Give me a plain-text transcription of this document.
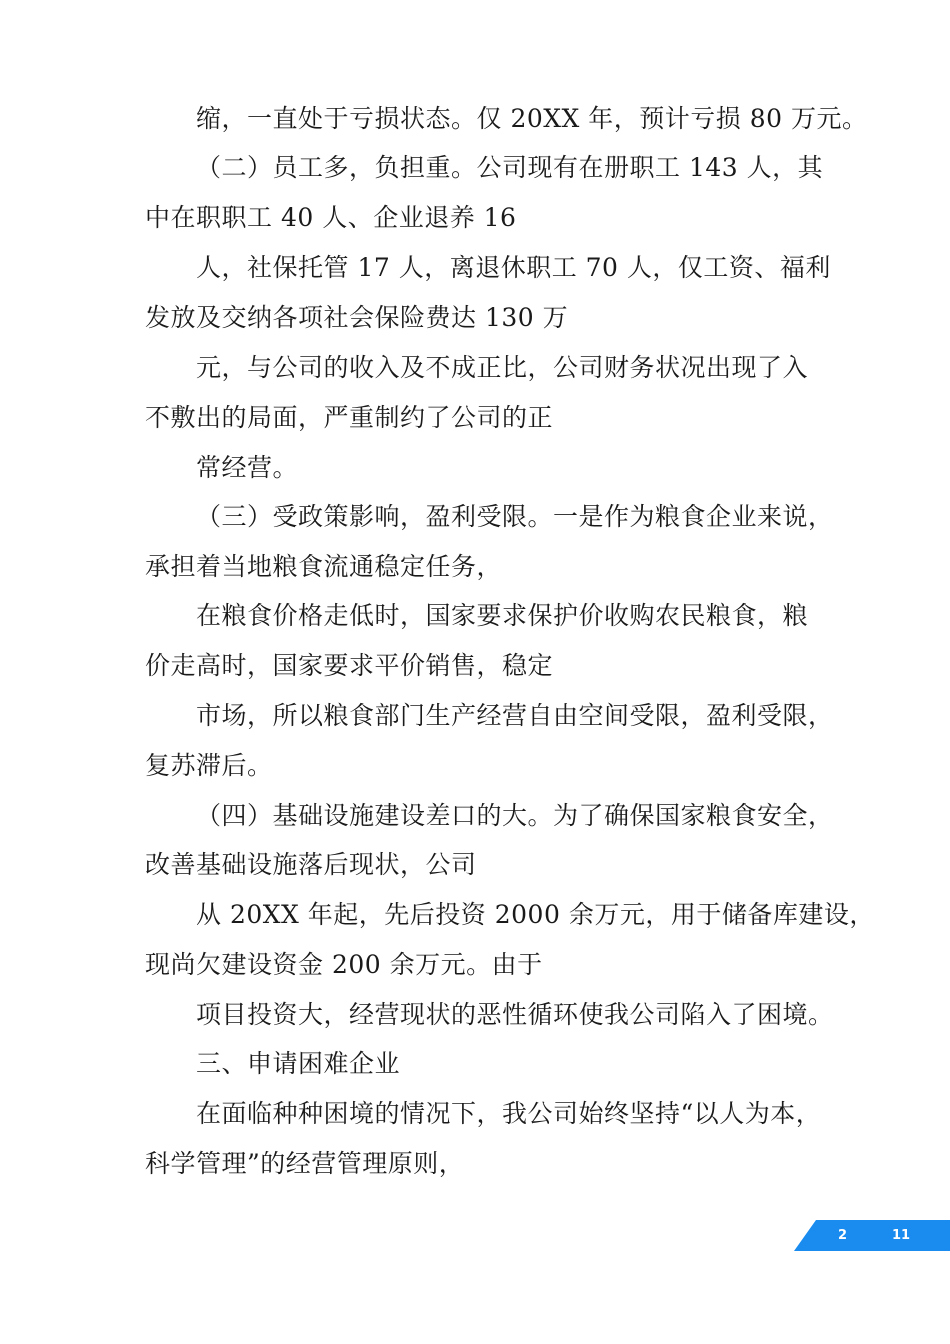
缩，一直处于亏损状态。仅 20XX 年，预计亏损 80 万元。
（二）员工多，负担重。公司现有在册职工 143 人，其
中在职职工 40 人、企业退养 16
人，社保托管 17 人，离退休职工 70 人，仅工资、福利
发放及交纳各项社会保险费达 130 万
元，与公司的收入及不成正比，公司财务状况出现了入
不敷出的局面，严重制约了公司的正
常经营。
（三）受政策影响，盈利受限。一是作为粮食企业来说，
承担着当地粮食流通稳定任务，
在粮食价格走低时，国家要求保护价收购农民粮食，粮
价走高时，国家要求平价销售，稳定
市场，所以粮食部门生产经营自由空间受限，盈利受限，
复苏滞后。
（四）基础设施建设差口的大。为了确保国家粮食安全，
改善基础设施落后现状，公司
从 20XX 年起，先后投资 2000 余万元，用于储备库建设，
现尚欠建设资金 200 余万元。由于
项目投资大，经营现状的恶性循环使我公司陷入了困境。
三、申请困难企业
在面临种种困境的情况下，我公司始终坚持“以人为本，
科学管理”的经营管理原则，
2	11
